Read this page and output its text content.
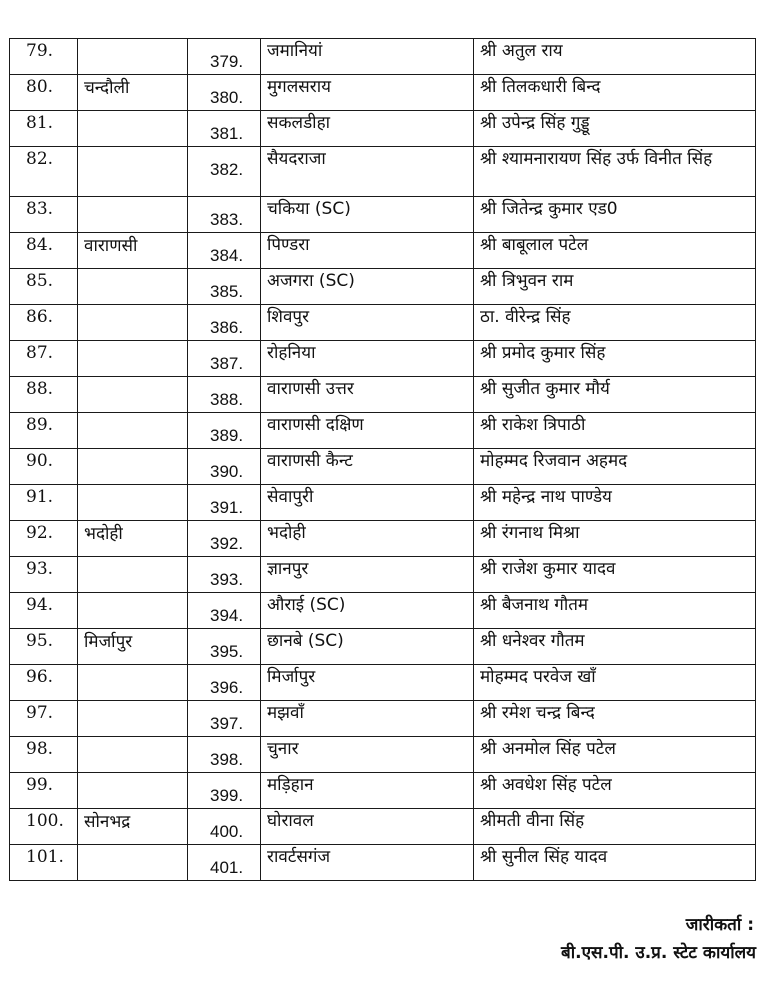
79.		379.	जमानियां	श्री अतुल राय
80.	चन्दौली	380.	मुगलसराय	श्री तिलकधारी बिन्द
81.		381.	सकलडीहा	श्री उपेन्द्र सिंह गुड्डू
82.		382.	सैयदराजा	श्री श्यामनारायण सिंह उर्फ विनीत सिंह
83.		383.	चकिया (SC)	श्री जितेन्द्र कुमार एड0
84.	वाराणसी	384.	पिण्डरा	श्री बाबूलाल पटेल
85.		385.	अजगरा (SC)	श्री त्रिभुवन राम
86.		386.	शिवपुर	ठा. वीरेन्द्र सिंह
87.		387.	रोहनिया	श्री प्रमोद कुमार सिंह
88.		388.	वाराणसी उत्तर	श्री सुजीत कुमार मौर्य
89.		389.	वाराणसी दक्षिण	श्री राकेश त्रिपाठी
90.		390.	वाराणसी कैन्ट	मोहम्मद रिजवान अहमद
91.		391.	सेवापुरी	श्री महेन्द्र नाथ पाण्डेय
92.	भदोही	392.	भदोही	श्री रंगनाथ मिश्रा
93.		393.	ज्ञानपुर	श्री राजेश कुमार यादव
94.		394.	औराई (SC)	श्री बैजनाथ गौतम
95.	मिर्जापुर	395.	छानबे (SC)	श्री धनेश्वर गौतम
96.		396.	मिर्जापुर	मोहम्मद परवेज खाँ
97.		397.	मझवाँ	श्री रमेश चन्द्र बिन्द
98.		398.	चुनार	श्री अनमोल सिंह पटेल
99.		399.	मड़िहान	श्री अवधेश सिंह पटेल
100.	सोनभद्र	400.	घोरावल	श्रीमती वीना सिंह
101.		401.	रावर्टसगंज	श्री सुनील सिंह यादव
जारीकर्ता :
बी.एस.पी. उ.प्र. स्टेट कार्यालय
